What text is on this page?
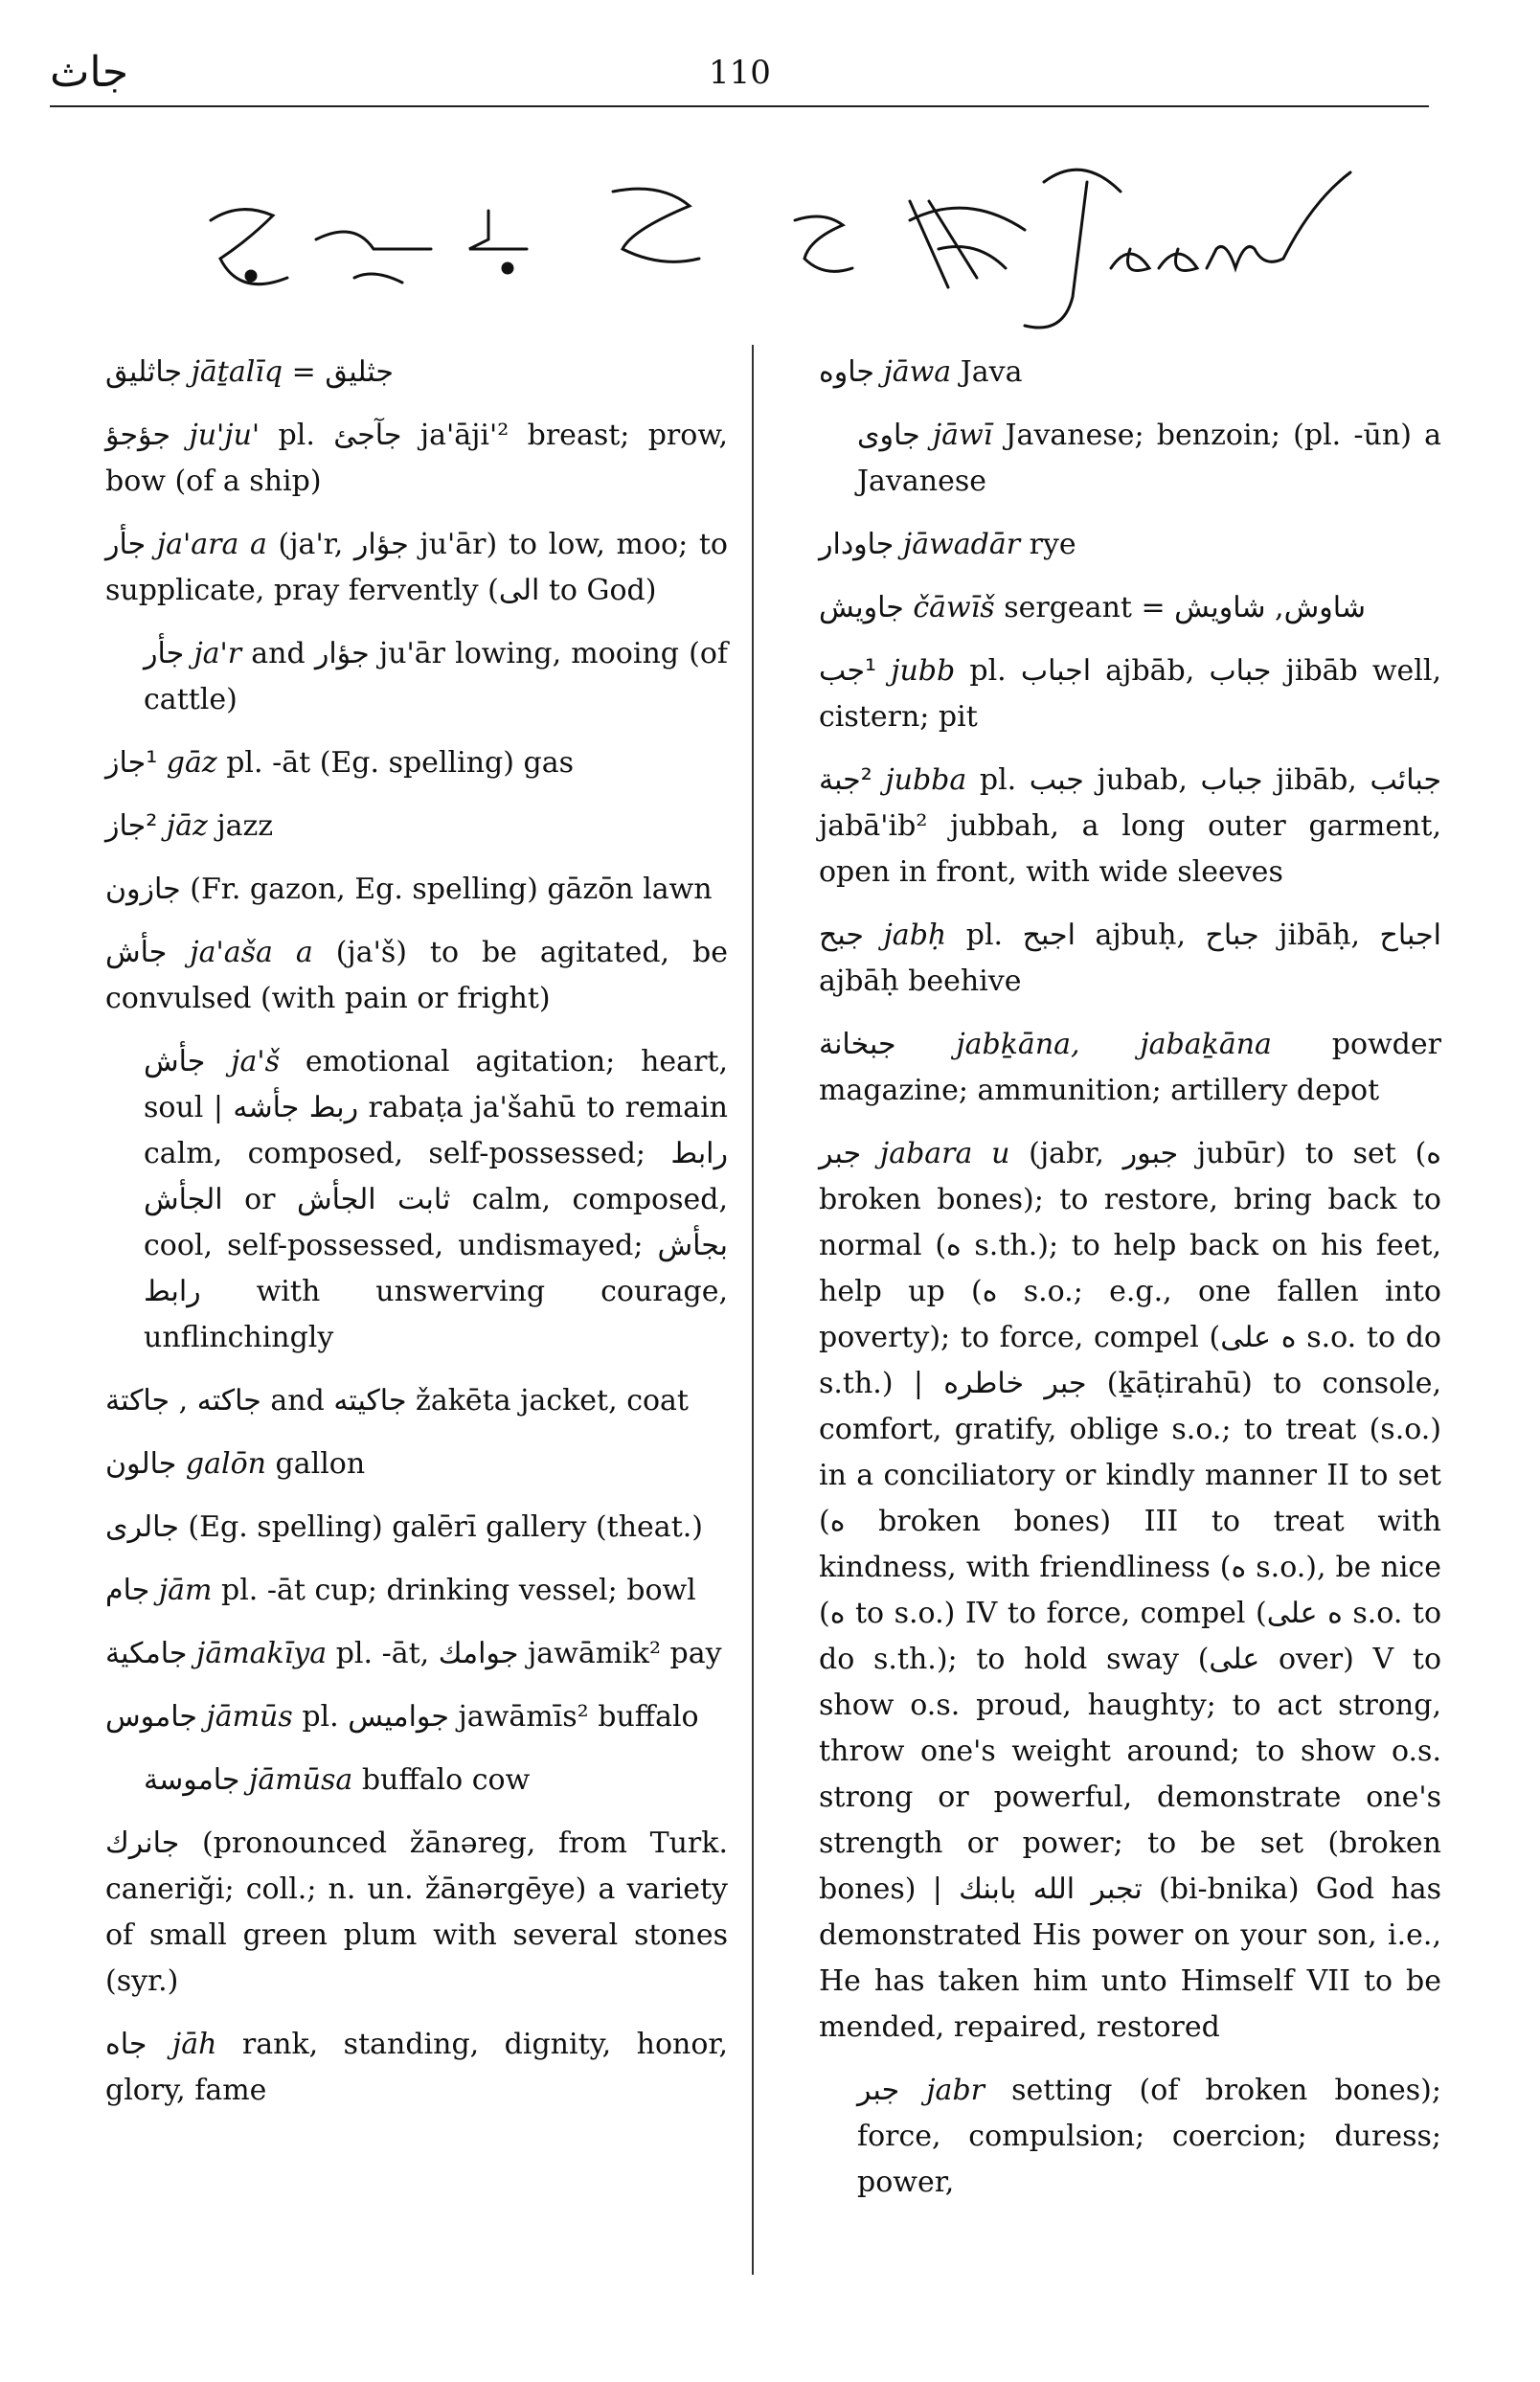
جاث	110
Jeem
ج ج ج ج ج

جاثليق jāṯalīq = جثليق

جؤجؤ ju'ju' pl. جآجئ ja'āji'² breast; prow, bow (of a ship)

جأر ja'ara a (ja'r, جؤار ju'ār) to low, moo; to supplicate, pray fervently (الى to God)

جأر ja'r and جؤار ju'ār lowing, mooing (of cattle)

¹جاز gāz pl. -āt (Eg. spelling) gas

²جاز jāz jazz

جازون (Fr. gazon, Eg. spelling) gāzōn lawn

جأش ja'aša a (ja'š) to be agitated, be convulsed (with pain or fright)

جأش ja'š emotional agitation; heart, soul | ربط جأشه rabaṭa ja'šahū to remain calm, composed, self-possessed; رابط الجأش or ثابت الجأش calm, composed, cool, self-possessed, undismayed; بجأش رابط with unswerving courage, unflinchingly

جاكتة , جاكته and جاكيته žakēta jacket, coat

جالون galōn gallon

جالرى (Eg. spelling) galērī gallery (theat.)

جام jām pl. -āt cup; drinking vessel; bowl

جامكية jāmakīya pl. -āt, جوامك jawāmik² pay

جاموس jāmūs pl. جواميس jawāmīs² buffalo

جاموسة jāmūsa buffalo cow

جانرك (pronounced žānәreg, from Turk. caneriği; coll.; n. un. žānәrgēye) a variety of small green plum with several stones (syr.)

جاه jāh rank, standing, dignity, honor, glory, fame

جاوه jāwa Java

جاوى jāwī Javanese; benzoin; (pl. -ūn) a Javanese

جاودار jāwadār rye

جاويش čāwīš sergeant = شاوش, شاويش

¹جب jubb pl. اجباب ajbāb, جباب jibāb well, cistern; pit

²جبة jubba pl. جبب jubab, جباب jibāb, جبائب jabā'ib² jubbah, a long outer garment, open in front, with wide sleeves

جبح jabḥ pl. اجبح ajbuḥ, جباح jibāḥ, اجباح ajbāḥ beehive

جبخانة jabḵāna, jabaḵāna powder magazine; ammunition; artillery depot

جبر jabara u (jabr, جبور jubūr) to set (ه broken bones); to restore, bring back to normal (ه s.th.); to help back on his feet, help up (ه s.o.; e.g., one fallen into poverty); to force, compel (ه على s.o. to do s.th.) | جبر خاطره (ḵāṭirahū) to console, comfort, gratify, oblige s.o.; to treat (s.o.) in a conciliatory or kindly manner II to set (ه broken bones) III to treat with kindness, with friendliness (ه s.o.), be nice (ه to s.o.) IV to force, compel (ه على s.o. to do s.th.); to hold sway (على over) V to show o.s. proud, haughty; to act strong, throw one's weight around; to show o.s. strong or powerful, demonstrate one's strength or power; to be set (broken bones) | تجبر الله بابنك (bi-bnika) God has demonstrated His power on your son, i.e., He has taken him unto Himself VII to be mended, repaired, restored

جبر jabr setting (of broken bones); force, compulsion; coercion; duress; power,
